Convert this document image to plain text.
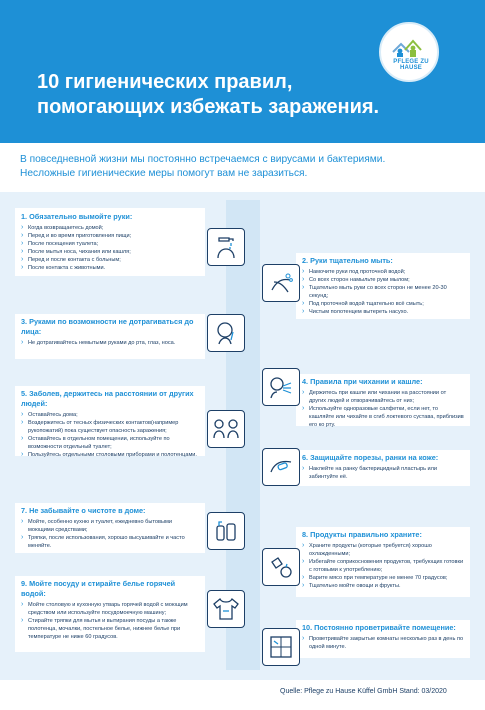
10 гигиенических правил,
помогающих избежать заражения.
PFLEGE ZU HAUSE
В повседневной жизни мы постоянно встречаемся с вирусами и бактериями.
Несложные гигиенические меры помогут вам не заразиться.
1. Обязательно вымойте руки:
› Когда возвращаетесь домой;
› Перед и во время приготовления пищи;
› После посещения туалета;
› После мытья носа, чихания или кашля;
› Перед и после контакта с больным;
› После контакта с животными.
2. Руки тщательно мыть:
› Намочите руки под проточной водой;
› Со всех сторон намыльте руки мылом;
› Тщательно мыть руки со всех сторон не менее 20-30 секунд;
› Под проточной водой тщательно всё смыть;
› Чистым полотенцем вытереть насухо.
3. Руками по возможности не дотрагиваться до лица:
› Не дотрагивайтесь немытыми руками до рта, глаз, носа.
4. Правила при чихании и кашле:
› Держитесь при кашле или чихании на расстоянии от других людей и отворачивайтесь от них;
› Используйте одноразовые салфетки, если нет, то кашляйте или чихайте в сгиб локтевого сустава, приблизив его ко рту.
5. Заболев, держитесь на расстоянии от других людей:
› Оставайтесь дома;
› Воздержитесь от тесных физических контактов(например рукопожатий) пока существует опасность заражения;
› Оставайтесь в отдельном помещении, используйте по возможности отдельный туалет;
› Пользуйтесь отдельными столовыми приборами и полотенцами.	6. Защищайте порезы, ранки на коже:
› Наклейте на ранку бактерицидный пластырь или забинтуйте её.
7. Не забывайте о чистоте в доме:
› Мойте, особенно кухню и туалет, ежедневно бытовыми моющими средствами;
› Тряпки, после использования, хорошо высушивайте и часто меняйте.
8. Продукты правильно храните:
› Храните продукты (которые требуется) хорошо охлажденными;
› Избегайте соприкосновения продуктов, требующих готовки с готовыми к употреблению;
› Варите мясо при температуре не менее 70 градусов;
› Тщательно мойте овощи и фрукты.
9. Мойте посуду и стирайте белье горячей водой:
› Мойте столовую и кухонную утварь горячей водой с моющим средством или используйте посудомоечную машину;
› Стирайте тряпки для мытья и вытирания посуды а также полотенца, мочалки, постельное белье, нижнее белье при температуре не ниже 60 градусов.
10. Постоянно проветривайте помещение:
› Проветривайте закрытые комнаты несколько раз в день по одной минуте.
Quelle: Pflege zu Hause Küffel GmbH Stand: 03/2020
